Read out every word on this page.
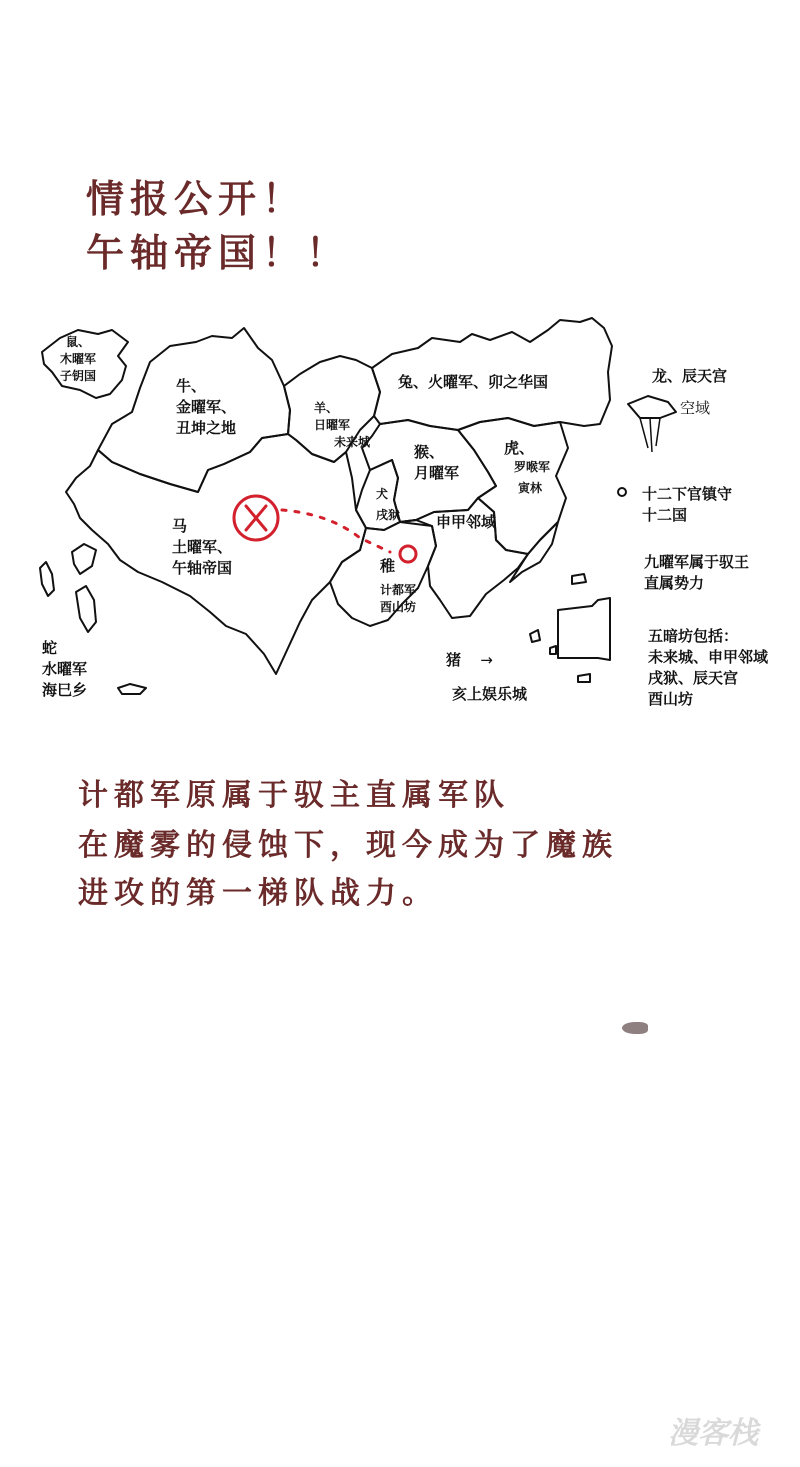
情报公开！
午轴帝国！！
鼠、
木曜军
子钥国
牛、
金曜军、
丑坤之地
羊、
日曜军
未来城
兔、火曜军、卯之华国
猴、
月曜军
虎、
罗喉军
寅林
犬
戌狱 申甲邻域
马
土曜军、
午轴帝国	稚
计都军
酉山坊
蛇
水曜军
海巳乡
猪 →
亥上娱乐城
龙、辰天宫
空域
十二下官镇守
十二国
九曜军属于驭王
直属势力
五暗坊包括：
未来城、申甲邻域
戌狱、辰天宫
酉山坊
计都军原属于驭主直属军队
在魔雾的侵蚀下，现今成为了魔族
进攻的第一梯队战力。
漫客栈
